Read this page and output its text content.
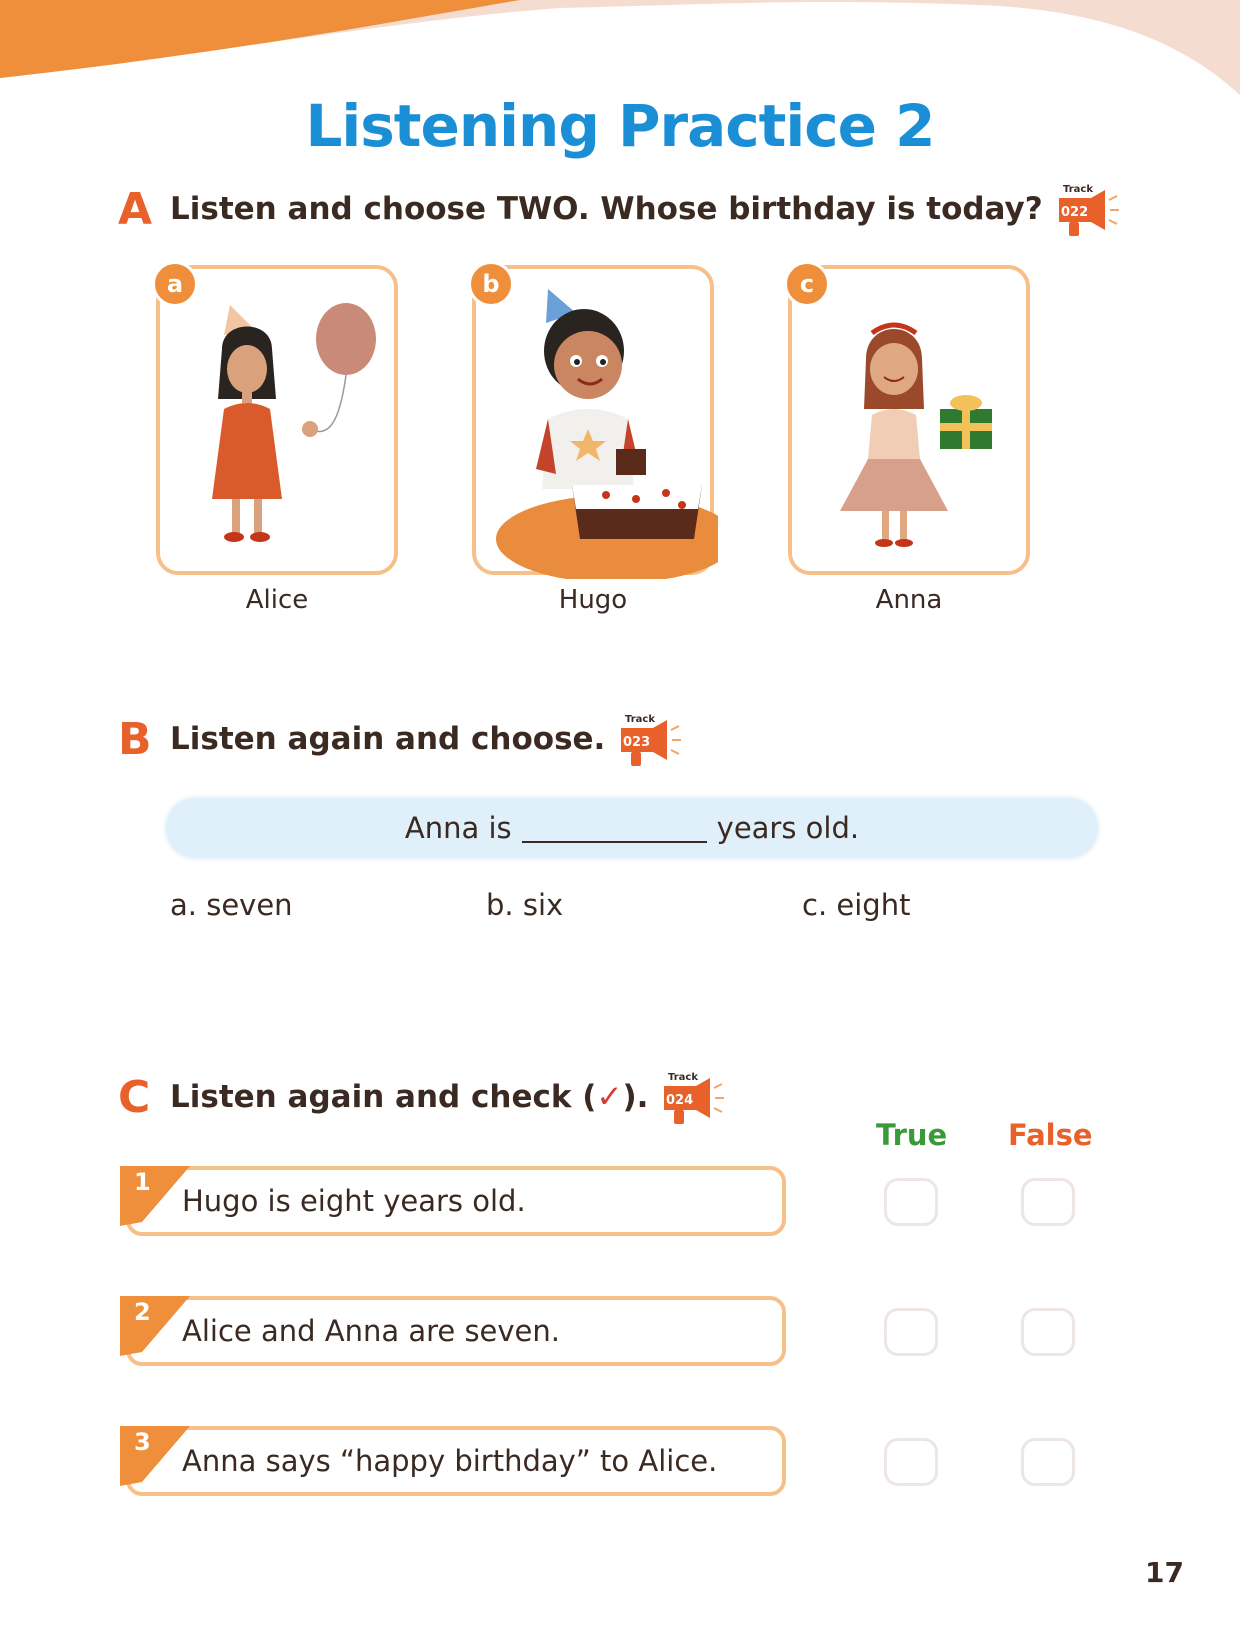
Listening Practice 2
A Listen and choose TWO. Whose birthday is today?
Track
022
a
Alice
b
Hugo
c
Anna
B Listen again and choose.
Track
023
Anna is	years old.
a. seven	b. six	c. eight
C Listen again and check (✓).
Track
024
True False
1
Hugo is eight years old.
2
Alice and Anna are seven.
3
Anna says “happy birthday” to Alice.
17
